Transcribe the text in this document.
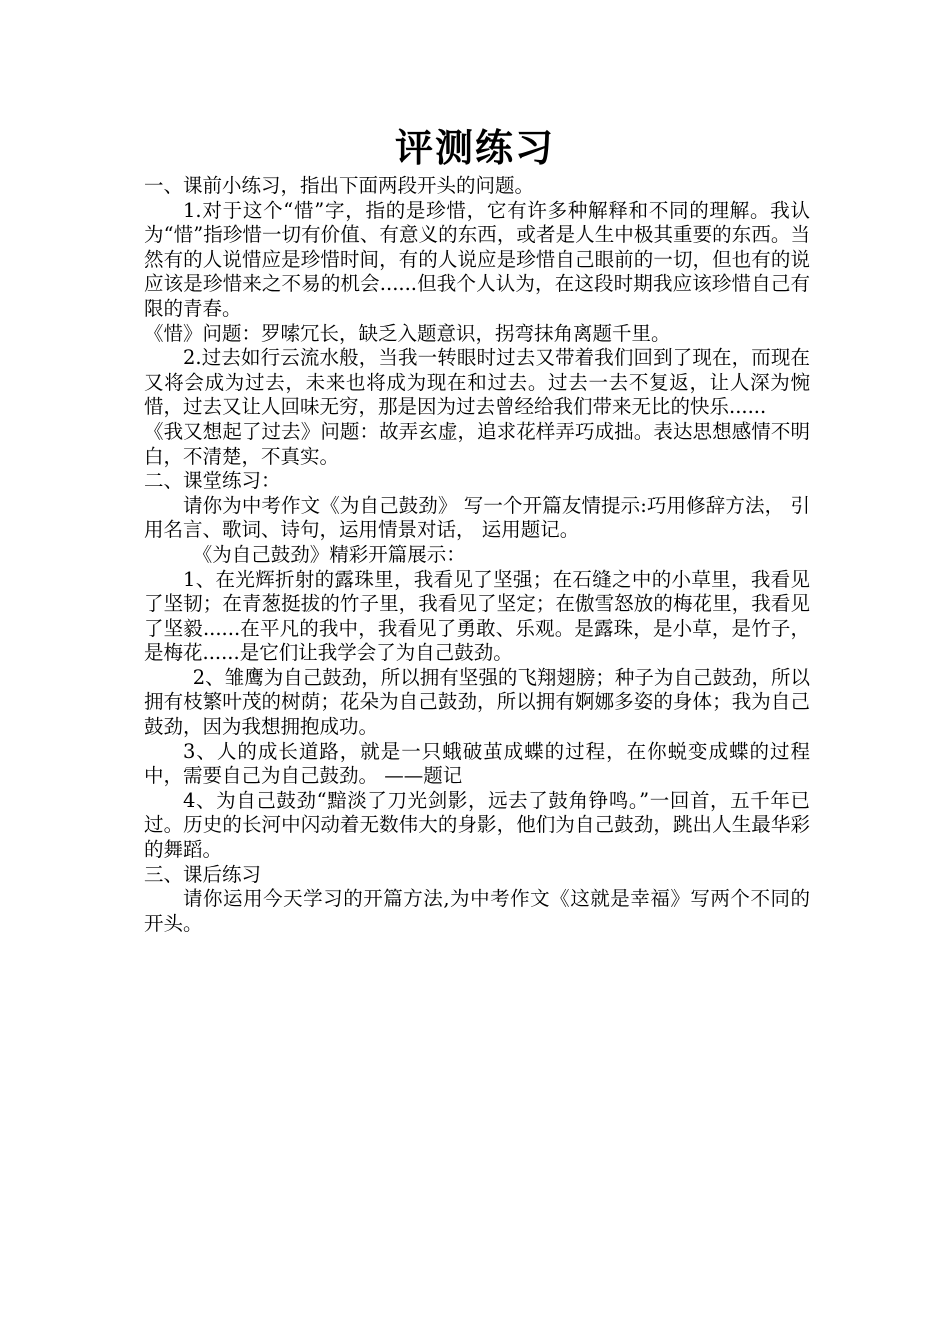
评测练习

一、课前小练习，指出下面两段开头的问题。

1.对于这个“惜”字，指的是珍惜，它有许多种解释和不同的理解。我认为“惜”指珍惜一切有价值、有意义的东西，或者是人生中极其重要的东西。当然有的人说惜应是珍惜时间，有的人说应是珍惜自己眼前的一切，但也有的说应该是珍惜来之不易的机会......但我个人认为，在这段时期我应该珍惜自己有限的青春。

《惜》问题：罗嗦冗长，缺乏入题意识，拐弯抹角离题千里。

2.过去如行云流水般，当我一转眼时过去又带着我们回到了现在，而现在又将会成为过去，未来也将成为现在和过去。过去一去不复返，让人深为惋惜，过去又让人回味无穷，那是因为过去曾经给我们带来无比的快乐......

《我又想起了过去》问题：故弄玄虚，追求花样弄巧成拙。表达思想感情不明白，不清楚，不真实。

二、课堂练习：

请你为中考作文《为自己鼓劲》 写一个开篇友情提示:巧用修辞方法， 引用名言、歌词、诗句，运用情景对话， 运用题记。

《为自己鼓劲》精彩开篇展示：

1、在光辉折射的露珠里，我看见了坚强；在石缝之中的小草里，我看见了坚韧；在青葱挺拔的竹子里，我看见了坚定；在傲雪怒放的梅花里，我看见了坚毅......在平凡的我中，我看见了勇敢、乐观。是露珠，是小草，是竹子，是梅花......是它们让我学会了为自己鼓劲。

2、雏鹰为自己鼓劲，所以拥有坚强的飞翔翅膀；种子为自己鼓劲，所以拥有枝繁叶茂的树荫；花朵为自己鼓劲，所以拥有婀娜多姿的身体；我为自己鼓劲，因为我想拥抱成功。

3、人的成长道路，就是一只蛾破茧成蝶的过程，在你蜕变成蝶的过程中，需要自己为自己鼓劲。 ——题记

4、为自己鼓劲“黯淡了刀光剑影，远去了鼓角铮鸣。”一回首，五千年已过。历史的长河中闪动着无数伟大的身影，他们为自己鼓劲，跳出人生最华彩的舞蹈。

三、课后练习

请你运用今天学习的开篇方法,为中考作文《这就是幸福》写两个不同的开头。
